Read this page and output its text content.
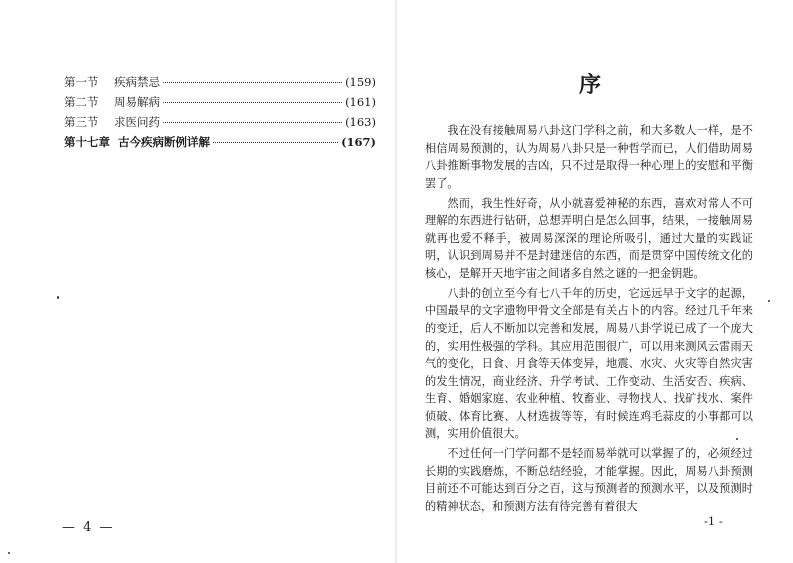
第一节	疾病禁忌	(159)
第二节	周易解病	(161)
第三节	求医问药	(163)
第十七章 古今疾病断例详解	(167)
— 4 —
序

我在没有接触周易八卦这门学科之前，和大多数人一样，是不相信周易预测的，认为周易八卦只是一种哲学而已，人们借助周易八卦推断事物发展的吉凶，只不过是取得一种心理上的安慰和平衡罢了。

然而，我生性好奇，从小就喜爱神秘的东西，喜欢对常人不可理解的东西进行钻研，总想弄明白是怎么回事，结果，一接触周易就再也爱不释手，被周易深深的理论所吸引，通过大量的实践证明，认识到周易并不是封建迷信的东西，而是贯穿中国传统文化的核心，是解开天地宇宙之间诸多自然之谜的一把金钥匙。

八卦的创立至今有七八千年的历史，它远远早于文字的起源，中国最早的文字遗物甲骨文全部是有关占卜的内容。经过几千年来的变迁，后人不断加以完善和发展，周易八卦学说已成了一个庞大的，实用性极强的学科。其应用范围很广，可以用来测风云雷雨天气的变化，日食、月食等天体变异，地震、水灾、火灾等自然灾害的发生情况，商业经济、升学考试、工作变动、生活安否、疾病、生育、婚姻家庭、农业种植、牧畜业、寻物找人、找矿找水、案件侦破、体育比赛、人材选拔等等，有时候连鸡毛蒜皮的小事都可以测，实用价值很大。

不过任何一门学问都不是轻而易举就可以掌握了的，必须经过长期的实践磨炼，不断总结经验，才能掌握。因此，周易八卦预测目前还不可能达到百分之百，这与预测者的预测水平，以及预测时的精神状态，和预测方法有待完善有着很大

-1 -
